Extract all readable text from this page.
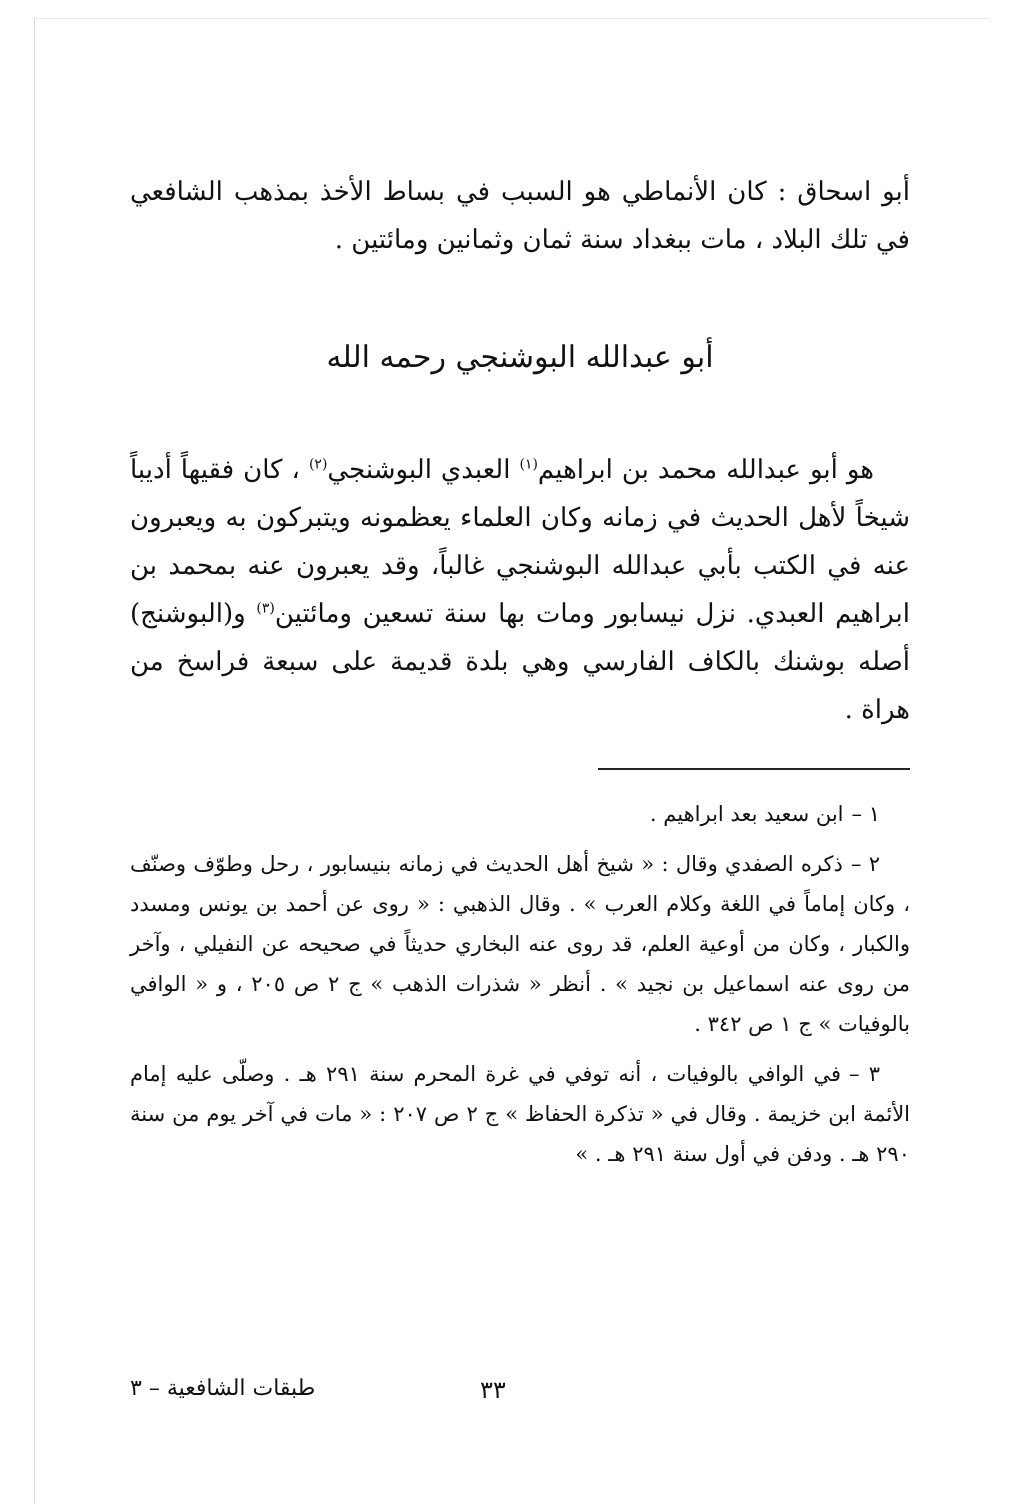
أبو اسحاق : كان الأنماطي هو السبب في بساط الأخذ بمذهب الشافعي في تلك البلاد ، مات ببغداد سنة ثمان وثمانين ومائتين .

أبو عبدالله البوشنجي رحمه الله

هو أبو عبدالله محمد بن ابراهيم$^{(١)}$ العبدي البوشنجي$^{(٢)}$ ، كان فقيهاً أديباً شيخاً لأهل الحديث في زمانه وكان العلماء يعظمونه ويتبركون به ويعبرون عنه في الكتب بأبي عبدالله البوشنجي غالباً، وقد يعبرون عنه بمحمد بن ابراهيم العبدي. نزل نيسابور ومات بها سنة تسعين ومائتين$^{(٣)}$ و(البوشنج) أصله بوشنك بالكاف الفارسي وهي بلدة قديمة على سبعة فراسخ من هراة .

١ –ابن سعيد بعد ابراهيم .

٢ –ذكره الصفدي وقال : « شيخ أهل الحديث في زمانه بنيسابور ، رحل وطوّف وصنّف ، وكان إماماً في اللغة وكلام العرب » . وقال الذهبي : « روى عن أحمد بن يونس ومسدد والكبار ، وكان من أوعية العلم، قد روى عنه البخاري حديثاً في صحيحه عن النفيلي ، وآخر من روى عنه اسماعيل بن نجيد » . أنظر « شذرات الذهب » ج ٢ ص ٢٠٥ ، و « الوافي بالوفيات » ج ١ ص ٣٤٢ .

٣ –في الوافي بالوفيات ، أنه توفي في غرة المحرم سنة ٢٩١ هـ . وصلّى عليه إمام الأئمة ابن خزيمة . وقال في « تذكرة الحفاظ » ج ٢ ص ٢٠٧ : « مات في آخر يوم من سنة ٢٩٠ هـ . ودفن في أول سنة ٢٩١ هـ . »

طبقات الشافعية – ٣	٣٣
